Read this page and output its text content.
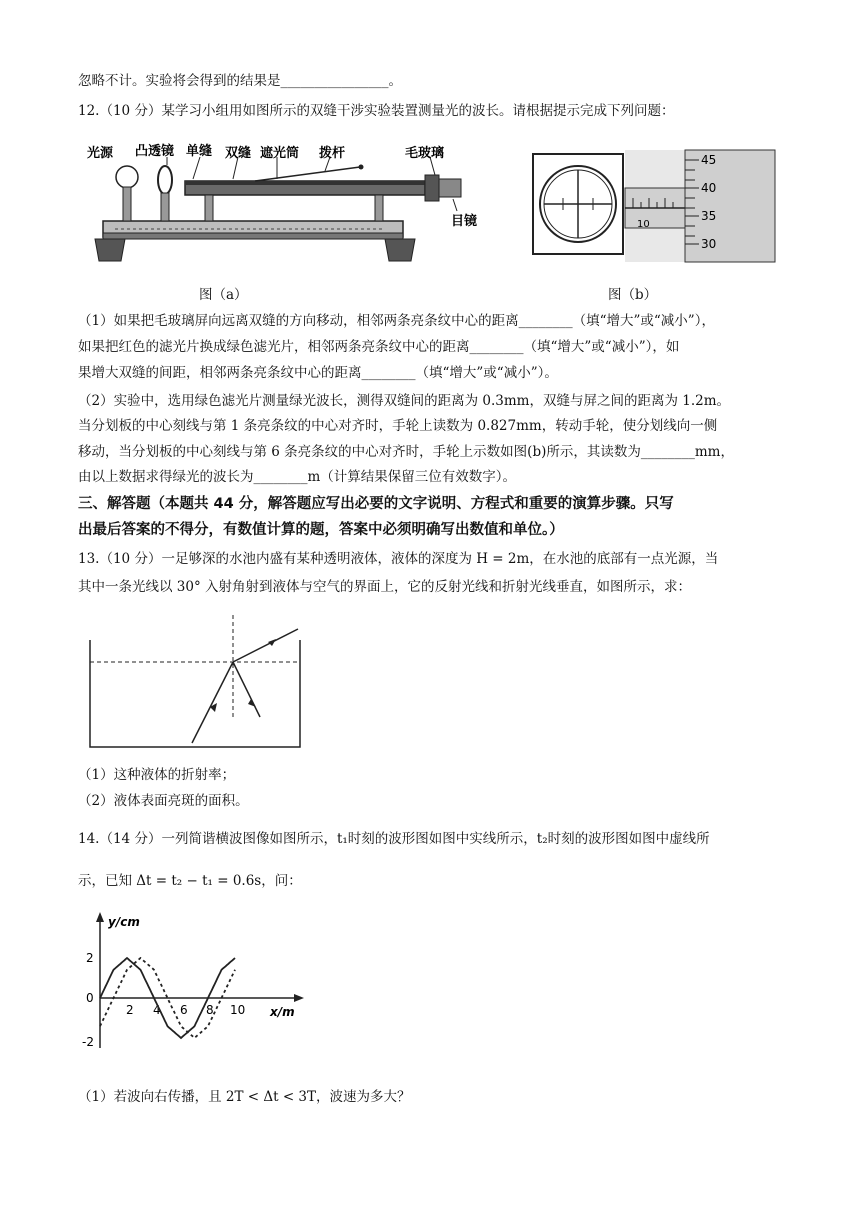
忽略不计。实验将会得到的结果是________________。
12.（10 分）某学习小组用如图所示的双缝干涉实验装置测量光的波长。请根据提示完成下列问题：
光源 凸透镜 单缝 双缝 遮光筒 拨杆	毛玻璃
目镜
图（a）
10
45
40
35
30
图（b）
（1）如果把毛玻璃屏向远离双缝的方向移动，相邻两条亮条纹中心的距离________（填“增大”或“减小”），
如果把红色的滤光片换成绿色滤光片，相邻两条亮条纹中心的距离________（填“增大”或“减小”），如
果增大双缝的间距，相邻两条亮条纹中心的距离________（填“增大”或“减小”）。
（2）实验中，选用绿色滤光片测量绿光波长，测得双缝间的距离为 0.3mm，双缝与屏之间的距离为 1.2m。
当分划板的中心刻线与第 1 条亮条纹的中心对齐时，手轮上读数为 0.827mm，转动手轮，使分划线向一侧
移动，当分划板的中心刻线与第 6 条亮条纹的中心对齐时，手轮上示数如图(b)所示，其读数为________mm，
由以上数据求得绿光的波长为________m（计算结果保留三位有效数字）。
三、解答题（本题共 44 分，解答题应写出必要的文字说明、方程式和重要的演算步骤。只写
出最后答案的不得分，有数值计算的题，答案中必须明确写出数值和单位。）
13.（10 分）一足够深的水池内盛有某种透明液体，液体的深度为 H = 2m，在水池的底部有一点光源，当
其中一条光线以 30° 入射角射到液体与空气的界面上，它的反射光线和折射光线垂直，如图所示，求：
（1）这种液体的折射率；
（2）液体表面亮斑的面积。
14.（14 分）一列简谐横波图像如图所示，t₁时刻的波形图如图中实线所示，t₂时刻的波形图如图中虚线所
示，已知 Δt = t₂ − t₁ = 0.6s，问：
y/cm
x/m
2
0
-2
2 4 6 8 10
（1）若波向右传播，且 2T < Δt < 3T，波速为多大？
